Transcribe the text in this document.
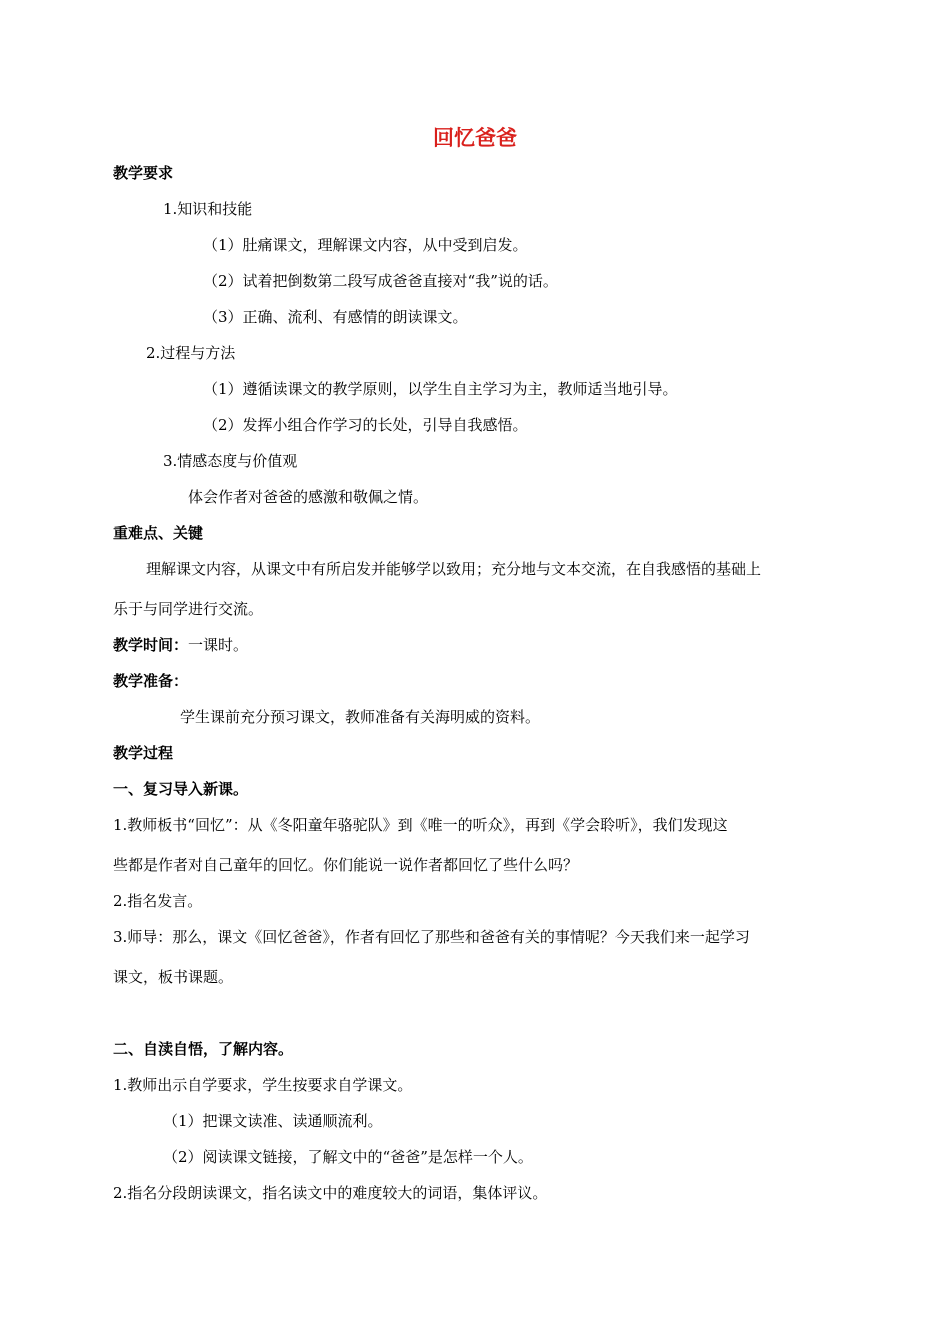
回忆爸爸
教学要求
1.知识和技能
（1）肚痛课文，理解课文内容，从中受到启发。
（2）试着把倒数第二段写成爸爸直接对“我”说的话。
（3）正确、流利、有感情的朗读课文。
2.过程与方法
（1）遵循读课文的教学原则，以学生自主学习为主，教师适当地引导。
（2）发挥小组合作学习的长处，引导自我感悟。
3.情感态度与价值观
体会作者对爸爸的感激和敬佩之情。
重难点、关键
理解课文内容，从课文中有所启发并能够学以致用；充分地与文本交流，在自我感悟的基础上
乐于与同学进行交流。
教学时间：一课时。
教学准备：
学生课前充分预习课文，教师准备有关海明威的资料。
教学过程
一、复习导入新课。
1.教师板书“回忆”：从《冬阳童年骆驼队》到《唯一的听众》，再到《学会聆听》，我们发现这
些都是作者对自己童年的回忆。你们能说一说作者都回忆了些什么吗？
2.指名发言。
3.师导：那么，课文《回忆爸爸》，作者有回忆了那些和爸爸有关的事情呢？今天我们来一起学习
课文，板书课题。
二、自渎自悟，了解内容。
1.教师出示自学要求，学生按要求自学课文。
（1）把课文读准、读通顺流利。
（2）阅读课文链接，了解文中的“爸爸”是怎样一个人。
2.指名分段朗读课文，指名读文中的难度较大的词语，集体评议。
